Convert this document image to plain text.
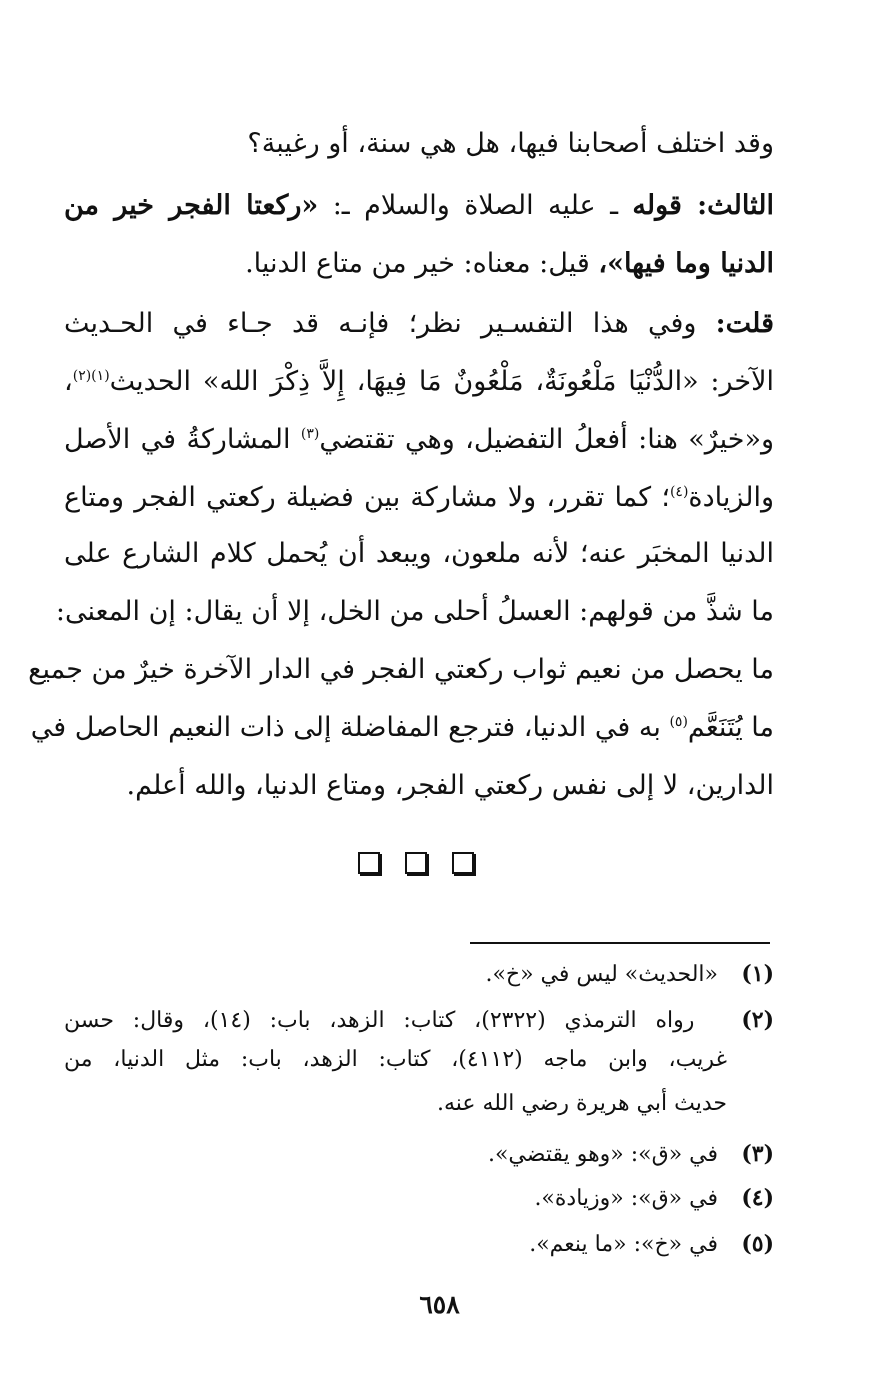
وقد اختلف أصحابنا فيها، هل هي سنة، أو رغيبة؟
الثالث: قوله ـ عليه الصلاة والسلام ـ: «ركعتا الفجر خير من
الدنيا وما فيها»، قيل: معناه: خير من متاع الدنيا.
قلت: وفي هذا التفسـير نظر؛ فإنـه قد جـاء في الحـديث
الآخر: «الدُّنْيَا مَلْعُونَةٌ، مَلْعُونٌ مَا فِيهَا، إِلاَّ ذِكْرَ الله» الحديث$^{(١)(٢)}$،
و«خيرٌ» هنا: أفعلُ التفضيل، وهي تقتضي$^{(٣)}$ المشاركةُ في الأصل
والزيادة$^{(٤)}$؛ كما تقرر، ولا مشاركة بين فضيلة ركعتي الفجر ومتاع
الدنيا المخبَر عنه؛ لأنه ملعون، ويبعد أن يُحمل كلام الشارع على
ما شذَّ من قولهم: العسلُ أحلى من الخل، إلا أن يقال: إن المعنى:
ما يحصل من نعيم ثواب ركعتي الفجر في الدار الآخرة خيرٌ من جميع
ما يُتَنَعَّم$^{(٥)}$ به في الدنيا، فترجع المفاضلة إلى ذات النعيم الحاصل في
الدارين، لا إلى نفس ركعتي الفجر، ومتاع الدنيا، والله أعلم.
(١)  «الحديث» ليس في «خ».
(٢)  رواه الترمذي (٢٣٢٢)، كتاب: الزهد، باب: (١٤)، وقال: حسن
غريب، وابن ماجه (٤١١٢)، كتاب: الزهد، باب: مثل الدنيا، من
حديث أبي هريرة رضي الله عنه.
(٣)  في «ق»: «وهو يقتضي».
(٤)  في «ق»: «وزيادة».
(٥)  في «خ»: «ما ينعم».
٦٥٨
